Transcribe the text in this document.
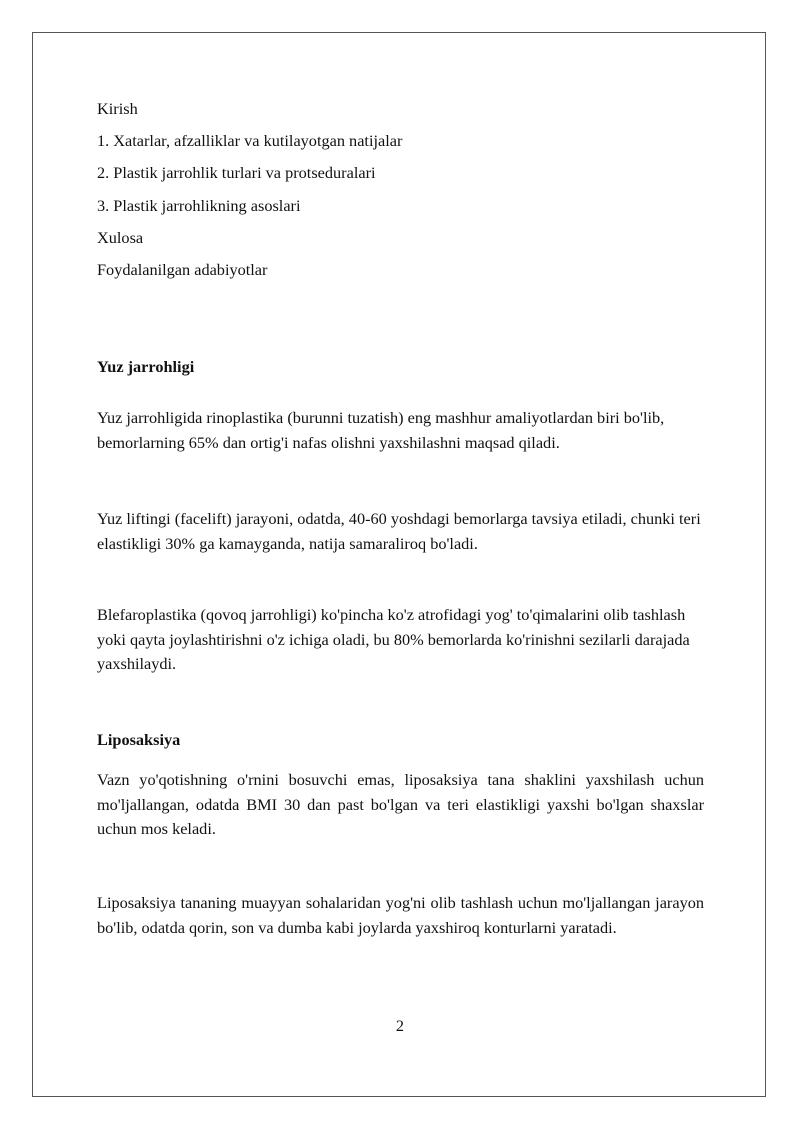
Kirish
1. Xatarlar, afzalliklar va kutilayotgan natijalar
2. Plastik jarrohlik turlari va protseduralari
3. Plastik jarrohlikning asoslari
Xulosa
Foydalanilgan adabiyotlar
Yuz jarrohligi
Yuz jarrohligida rinoplastika (burunni tuzatish) eng mashhur amaliyotlardan biri bo'lib, bemorlarning 65% dan ortig'i nafas olishni yaxshilashni maqsad qiladi.
Yuz liftingi (facelift) jarayoni, odatda, 40-60 yoshdagi bemorlarga tavsiya etiladi, chunki teri elastikligi 30% ga kamayganda, natija samaraliroq bo'ladi.
Blefaroplastika (qovoq jarrohligi) ko'pincha ko'z atrofidagi yog' to'qimalarini olib tashlash yoki qayta joylashtirishni o'z ichiga oladi, bu 80% bemorlarda ko'rinishni sezilarli darajada yaxshilaydi.
Liposaksiya
Vazn yo'qotishning o'rnini bosuvchi emas, liposaksiya tana shaklini yaxshilash uchun mo'ljallangan, odatda BMI 30 dan past bo'lgan va teri elastikligi yaxshi bo'lgan shaxslar uchun mos keladi.
Liposaksiya tananing muayyan sohalaridan yog'ni olib tashlash uchun mo'ljallangan jarayon bo'lib, odatda qorin, son va dumba kabi joylarda yaxshiroq konturlarni yaratadi.
2
